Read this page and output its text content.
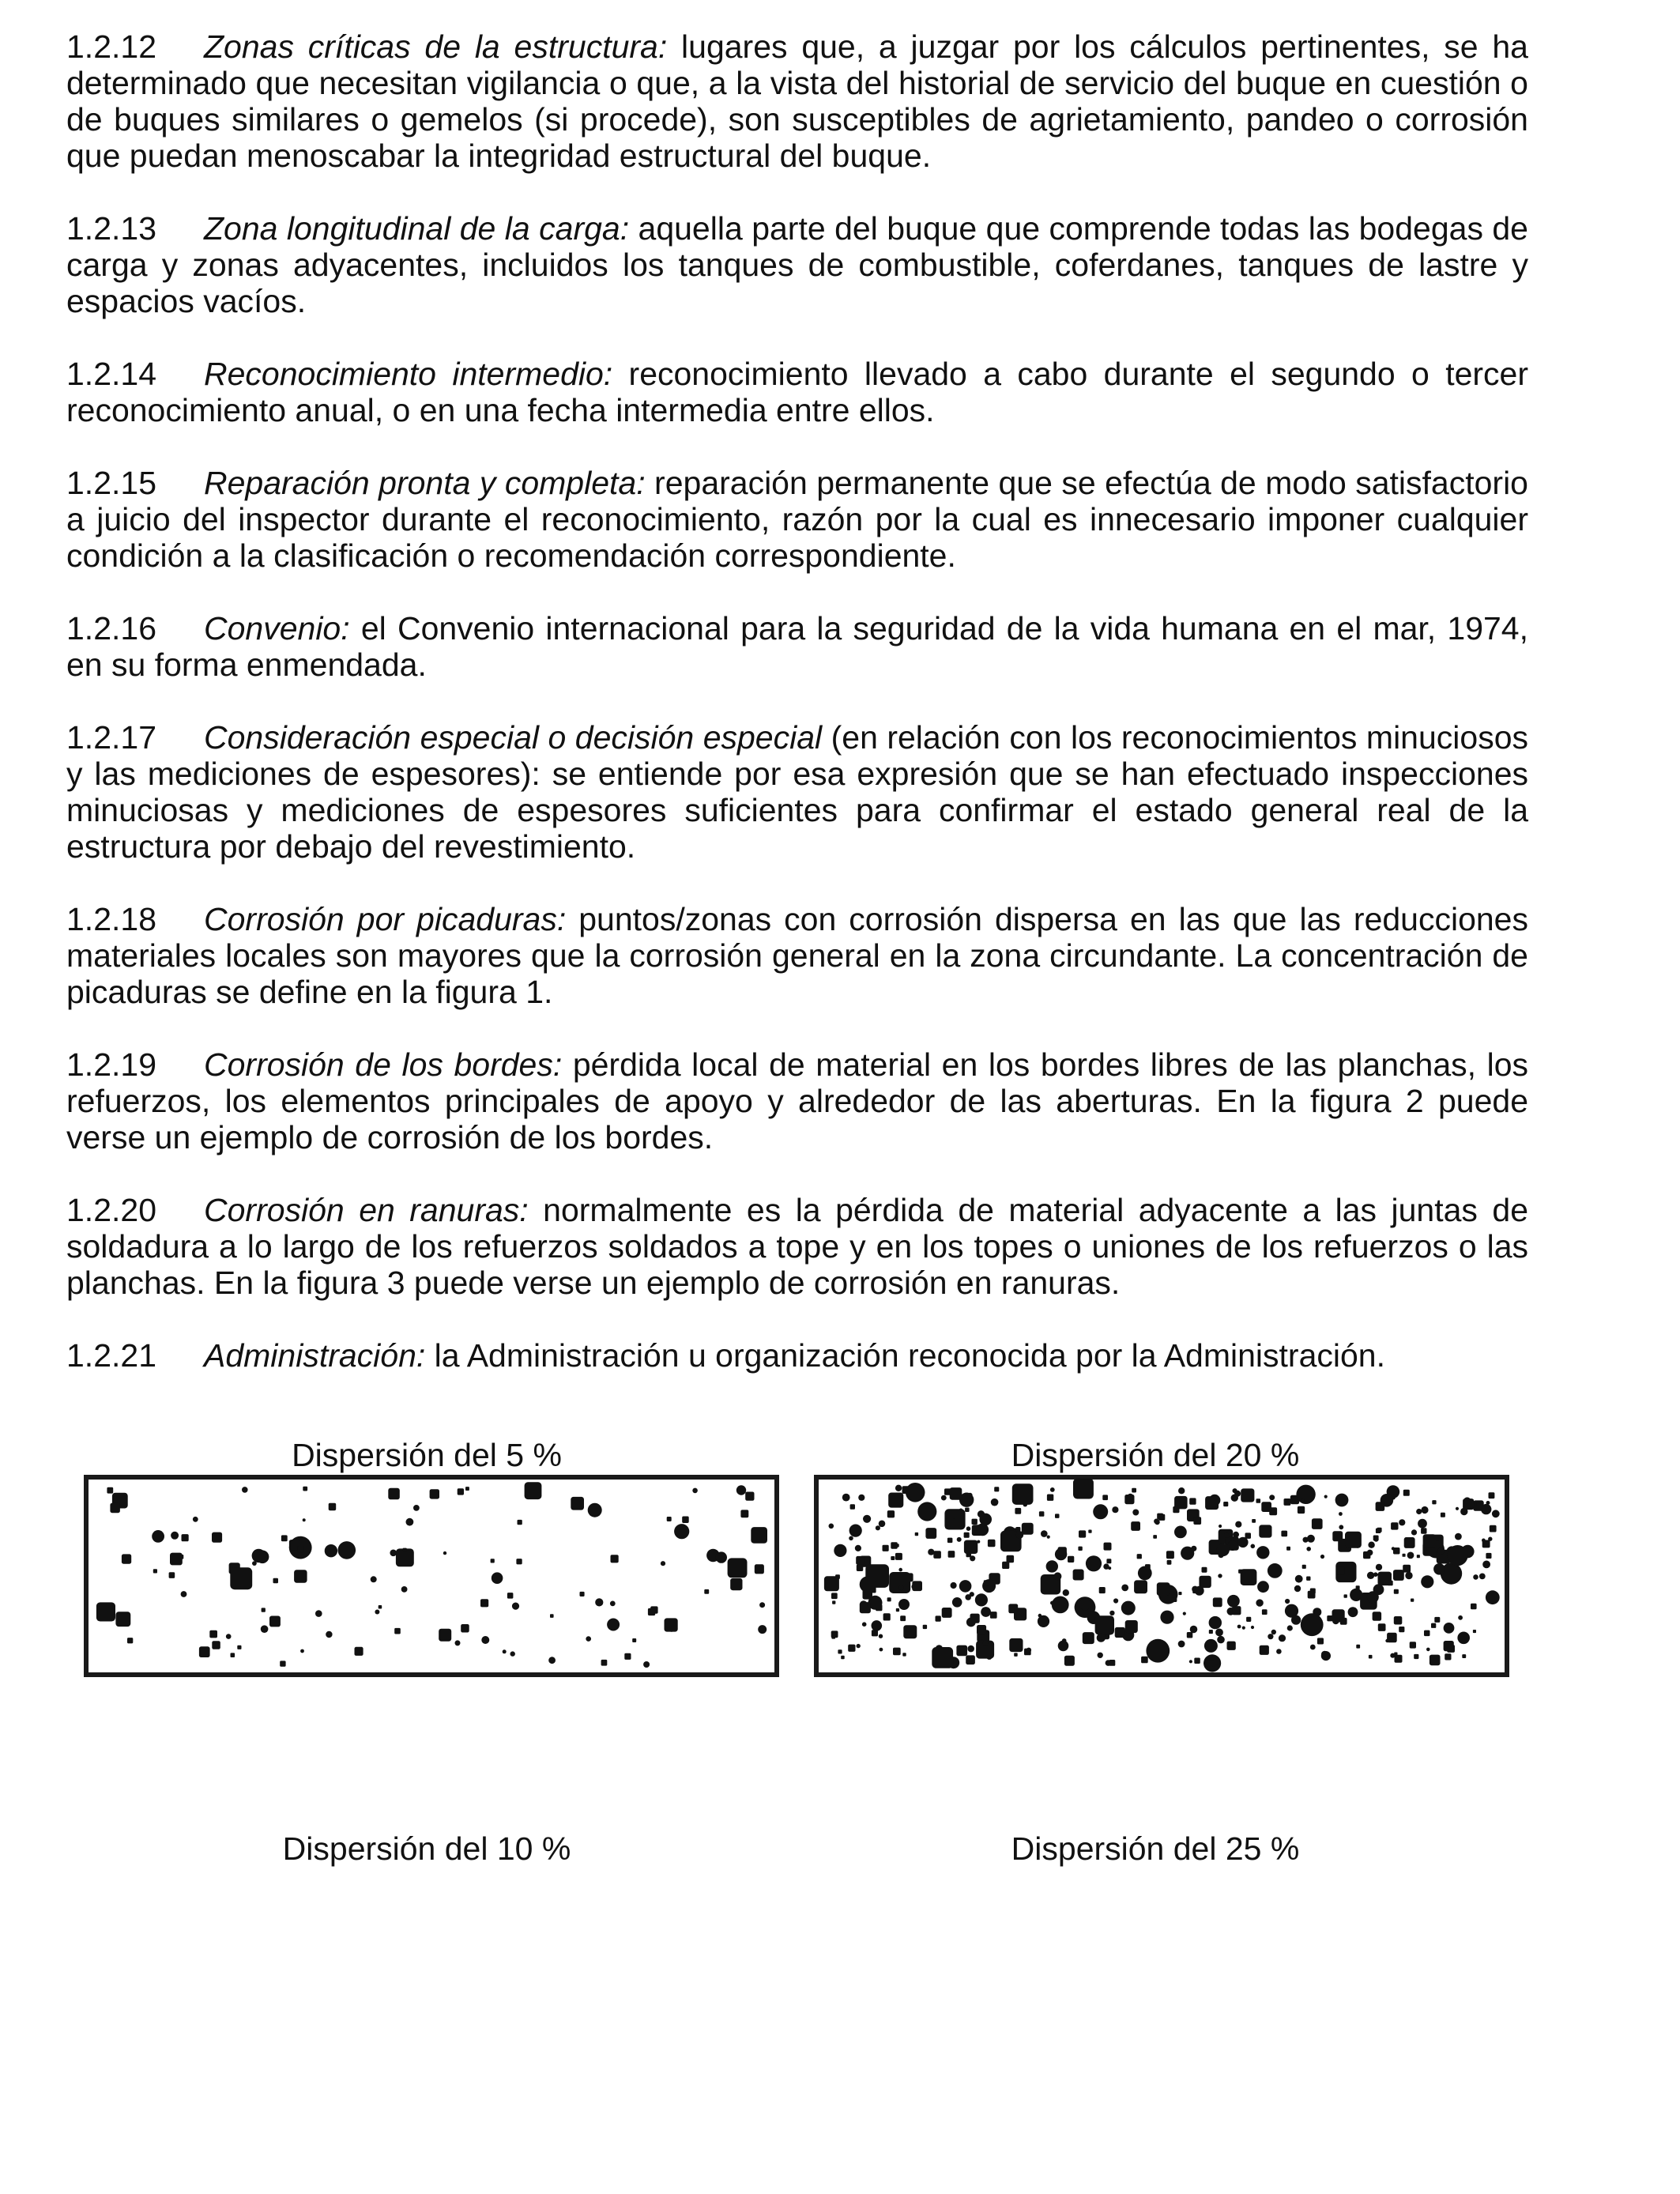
1.2.12 Zonas críticas de la estructura: lugares que, a juzgar por los cálculos pertinentes, se ha determinado que necesitan vigilancia o que, a la vista del historial de servicio del buque en cuestión o de buques similares o gemelos (si procede), son susceptibles de agrietamiento, pandeo o corrosión que puedan menoscabar la integridad estructural del buque.

1.2.13 Zona longitudinal de la carga: aquella parte del buque que comprende todas las bodegas de carga y zonas adyacentes, incluidos los tanques de combustible, coferdanes, tanques de lastre y espacios vacíos.

1.2.14 Reconocimiento intermedio: reconocimiento llevado a cabo durante el segundo o tercer reconocimiento anual, o en una fecha intermedia entre ellos.

1.2.15 Reparación pronta y completa: reparación permanente que se efectúa de modo satisfactorio a juicio del inspector durante el reconocimiento, razón por la cual es innecesario imponer cualquier condición a la clasificación o recomendación correspondiente.

1.2.16 Convenio: el Convenio internacional para la seguridad de la vida humana en el mar, 1974, en su forma enmendada.

1.2.17 Consideración especial o decisión especial (en relación con los reconocimientos minuciosos y las mediciones de espesores): se entiende por esa expresión que se han efectuado inspecciones minuciosas y mediciones de espesores suficientes para confirmar el estado general real de la estructura por debajo del revestimiento.

1.2.18 Corrosión por picaduras: puntos/zonas con corrosión dispersa en las que las reducciones materiales locales son mayores que la corrosión general en la zona circundante. La concentración de picaduras se define en la figura 1.

1.2.19 Corrosión de los bordes: pérdida local de material en los bordes libres de las planchas, los refuerzos, los elementos principales de apoyo y alrededor de las aberturas. En la figura 2 puede verse un ejemplo de corrosión de los bordes.

1.2.20 Corrosión en ranuras: normalmente es la pérdida de material adyacente a las juntas de soldadura a lo largo de los refuerzos soldados a tope y en los topes o uniones de los refuerzos o las planchas. En la figura 3 puede verse un ejemplo de corrosión en ranuras.

1.2.21 Administración: la Administración u organización reconocida por la Administración.

Dispersión del 5 %	Dispersión del 20 %
Dispersión del 10 %	Dispersión del 25 %
